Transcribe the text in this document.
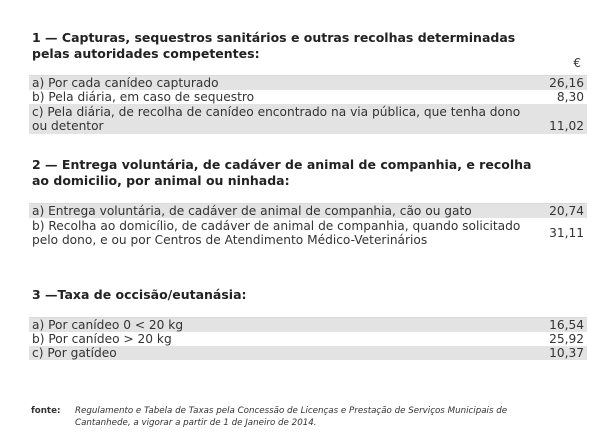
1 — Capturas, sequestros sanitários e outras recolhas determinadas pelas autoridades competentes:
€
a) Por cada canídeo capturado	26,16
b) Pela diária, em caso de sequestro	8,30
c) Pela diária, de recolha de canídeo encontrado na via pública, que tenha dono ou detentor	11,02
2 — Entrega voluntária, de cadáver de animal de companhia, e recolha ao domicilio, por animal ou ninhada:
a) Entrega voluntária, de cadáver de animal de companhia, cão ou gato	20,74
b) Recolha ao domicílio, de cadáver de animal de companhia, quando solicitado pelo dono, e ou por Centros de Atendimento Médico-Veterinários	31,11
3 —Taxa de occisão/eutanásia:
a) Por canídeo 0 < 20 kg	16,54
b) Por canídeo > 20 kg	25,92
c) Por gatídeo	10,37
fonte:	Regulamento e Tabela de Taxas pela Concessão de Licenças e Prestação de Serviços Municipais de Cantanhede, a vigorar a partir de 1 de Janeiro de 2014.
